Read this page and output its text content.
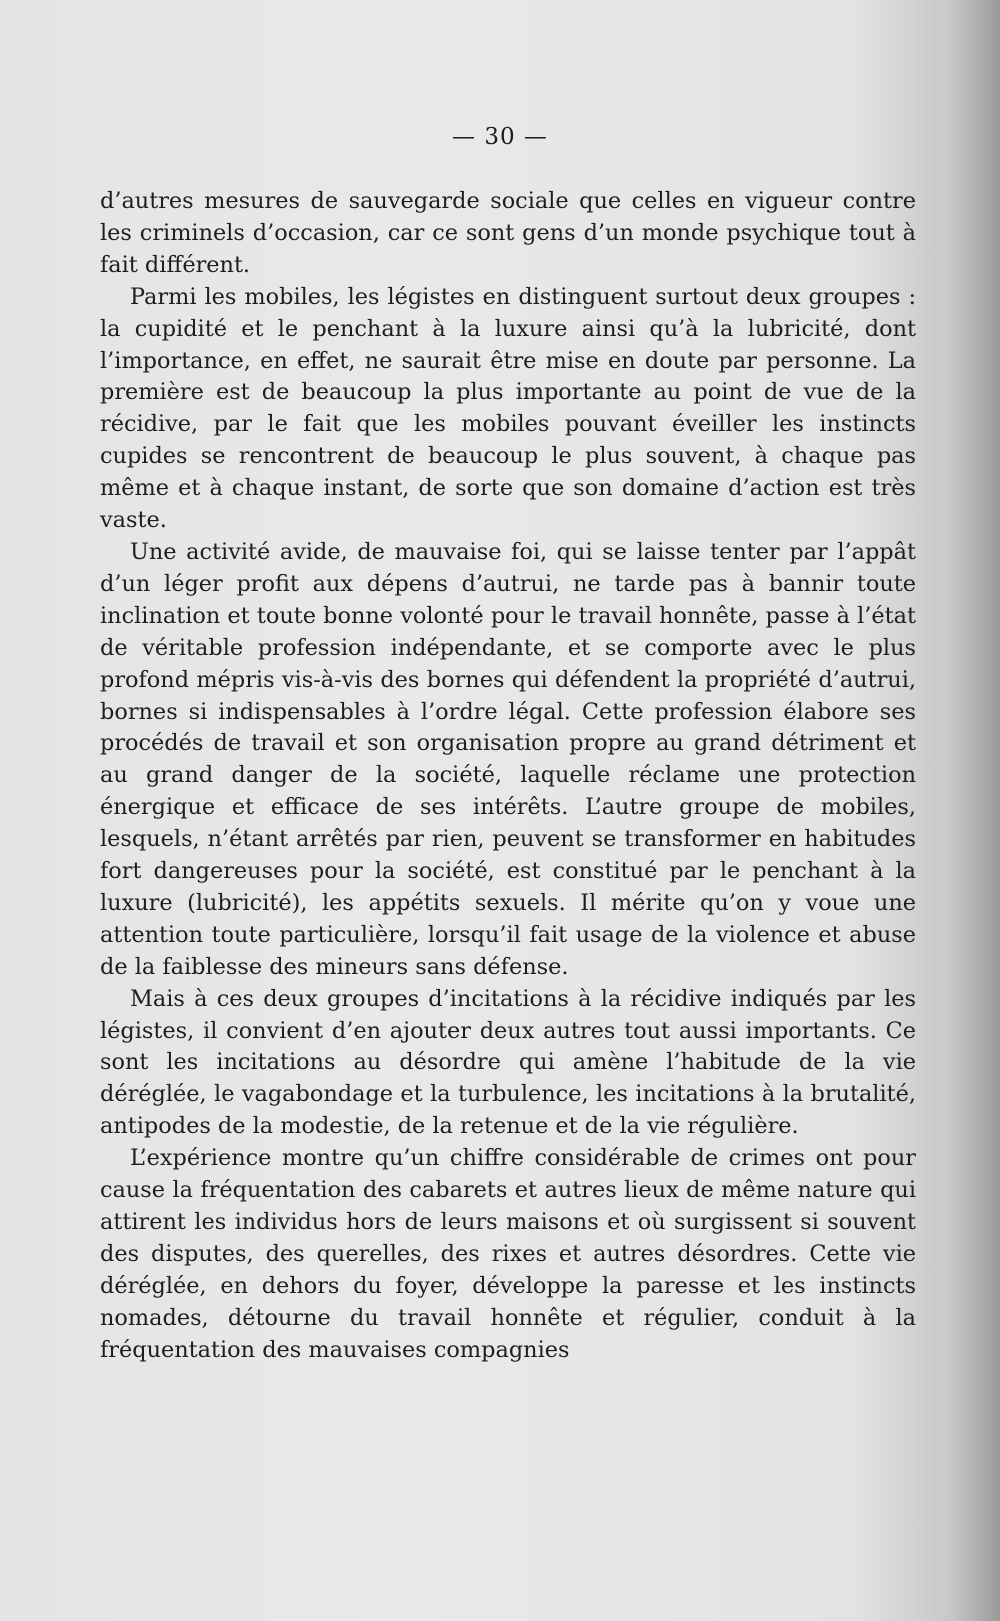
— 30 —

d’autres mesures de sauvegarde sociale que celles en vigueur contre les criminels d’occasion, car ce sont gens d’un monde psychique tout à fait différent.

Parmi les mobiles, les légistes en distinguent surtout deux groupes : la cupidité et le penchant à la luxure ainsi qu’à la lubricité, dont l’importance, en effet, ne saurait être mise en doute par personne. La première est de beaucoup la plus importante au point de vue de la récidive, par le fait que les mobiles pouvant éveiller les instincts cupides se rencontrent de beaucoup le plus souvent, à chaque pas même et à chaque instant, de sorte que son domaine d’action est très vaste.

Une activité avide, de mauvaise foi, qui se laisse tenter par l’appât d’un léger profit aux dépens d’autrui, ne tarde pas à bannir toute inclination et toute bonne volonté pour le travail honnête, passe à l’état de véritable profession indépendante, et se comporte avec le plus profond mépris vis-à-vis des bornes qui défendent la propriété d’autrui, bornes si indispensables à l’ordre légal. Cette profession élabore ses procédés de travail et son organisation propre au grand détriment et au grand danger de la société, laquelle réclame une protection énergique et efficace de ses intérêts. L’autre groupe de mobiles, lesquels, n’étant arrêtés par rien, peuvent se transformer en habitudes fort dangereuses pour la société, est constitué par le penchant à la luxure (lubricité), les appétits sexuels. Il mérite qu’on y voue une attention toute particulière, lorsqu’il fait usage de la violence et abuse de la faiblesse des mineurs sans défense.

Mais à ces deux groupes d’incitations à la récidive indiqués par les légistes, il convient d’en ajouter deux autres tout aussi importants. Ce sont les incitations au désordre qui amène l’habitude de la vie déréglée, le vagabondage et la turbulence, les incitations à la brutalité, antipodes de la modestie, de la retenue et de la vie régulière.

L’expérience montre qu’un chiffre considérable de crimes ont pour cause la fréquentation des cabarets et autres lieux de même nature qui attirent les individus hors de leurs maisons et où surgissent si souvent des disputes, des querelles, des rixes et autres désordres. Cette vie déréglée, en dehors du foyer, développe la paresse et les instincts nomades, détourne du travail honnête et régulier, conduit à la fréquentation des mauvaises compagnies
